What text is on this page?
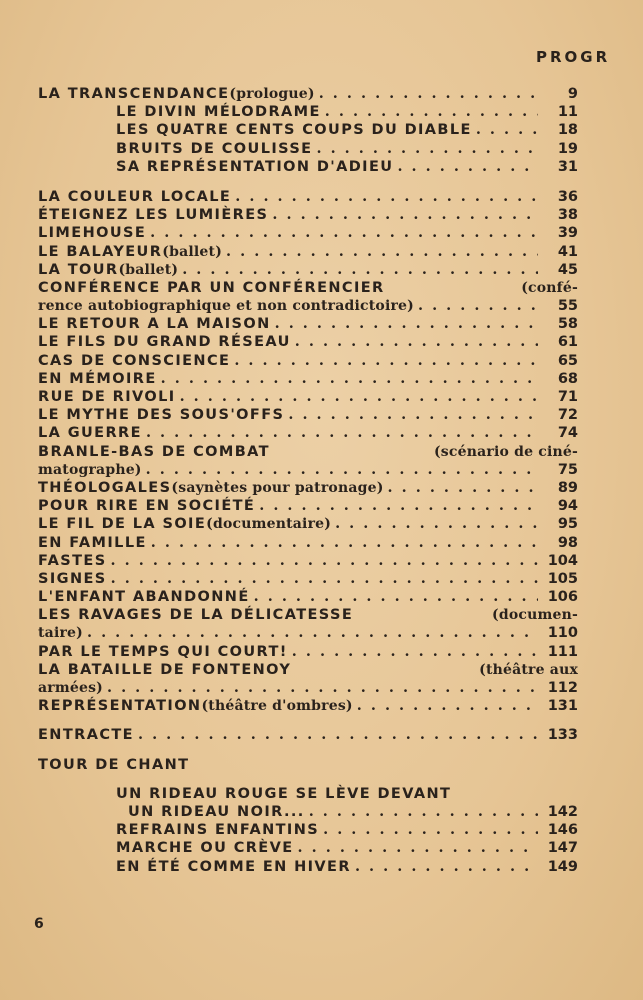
PROGR
LA TRANSCENDANCE (prologue) . . .	9
LE DIVIN MÉLODRAME . . .	11
LES QUATRE CENTS COUPS DU DIABLE . . .	18
BRUITS DE COULISSE . . .	19
SA REPRÉSENTATION D'ADIEU . . .	31
LA COULEUR LOCALE . . .	36
ÉTEIGNEZ LES LUMIÈRES . . .	38
LIMEHOUSE . . .	39
LE BALAYEUR (ballet) . . .	41
LA TOUR (ballet) . . .	45
CONFÉRENCE PAR UN CONFÉRENCIER	(confé-
rence autobiographique et non contradictoire) . . .	55
LE RETOUR A LA MAISON . . .	58
LE FILS DU GRAND RÉSEAU . . .	61
CAS DE CONSCIENCE . . .	65
EN MÉMOIRE . . .	68
RUE DE RIVOLI . . .	71
LE MYTHE DES SOUS'OFFS . . .	72
LA GUERRE . . .	74
BRANLE-BAS DE COMBAT	(scénario de ciné-
matographe) . . .	75
THÉOLOGALES (saynètes pour patronage) . . .	89
POUR RIRE EN SOCIÉTÉ . . .	94
LE FIL DE LA SOIE (documentaire) . . .	95
EN FAMILLE . . .	98
FASTES . . .	104
SIGNES . . .	105
L'ENFANT ABANDONNÉ . . .	106
LES RAVAGES DE LA DÉLICATESSE	(documen-
taire) . . .	110
PAR LE TEMPS QUI COURT! . . .	111
LA BATAILLE DE FONTENOY	(théâtre aux
armées) . . .	112
REPRÉSENTATION (théâtre d'ombres) . . .	131
ENTRACTE . . .	133
TOUR DE CHANT
UN RIDEAU ROUGE SE LÈVE DEVANT
UN RIDEAU NOIR... . . .	142
REFRAINS ENFANTINS . . .	146
MARCHE OU CRÈVE . . .	147
EN ÉTÉ COMME EN HIVER . . .	149
6
